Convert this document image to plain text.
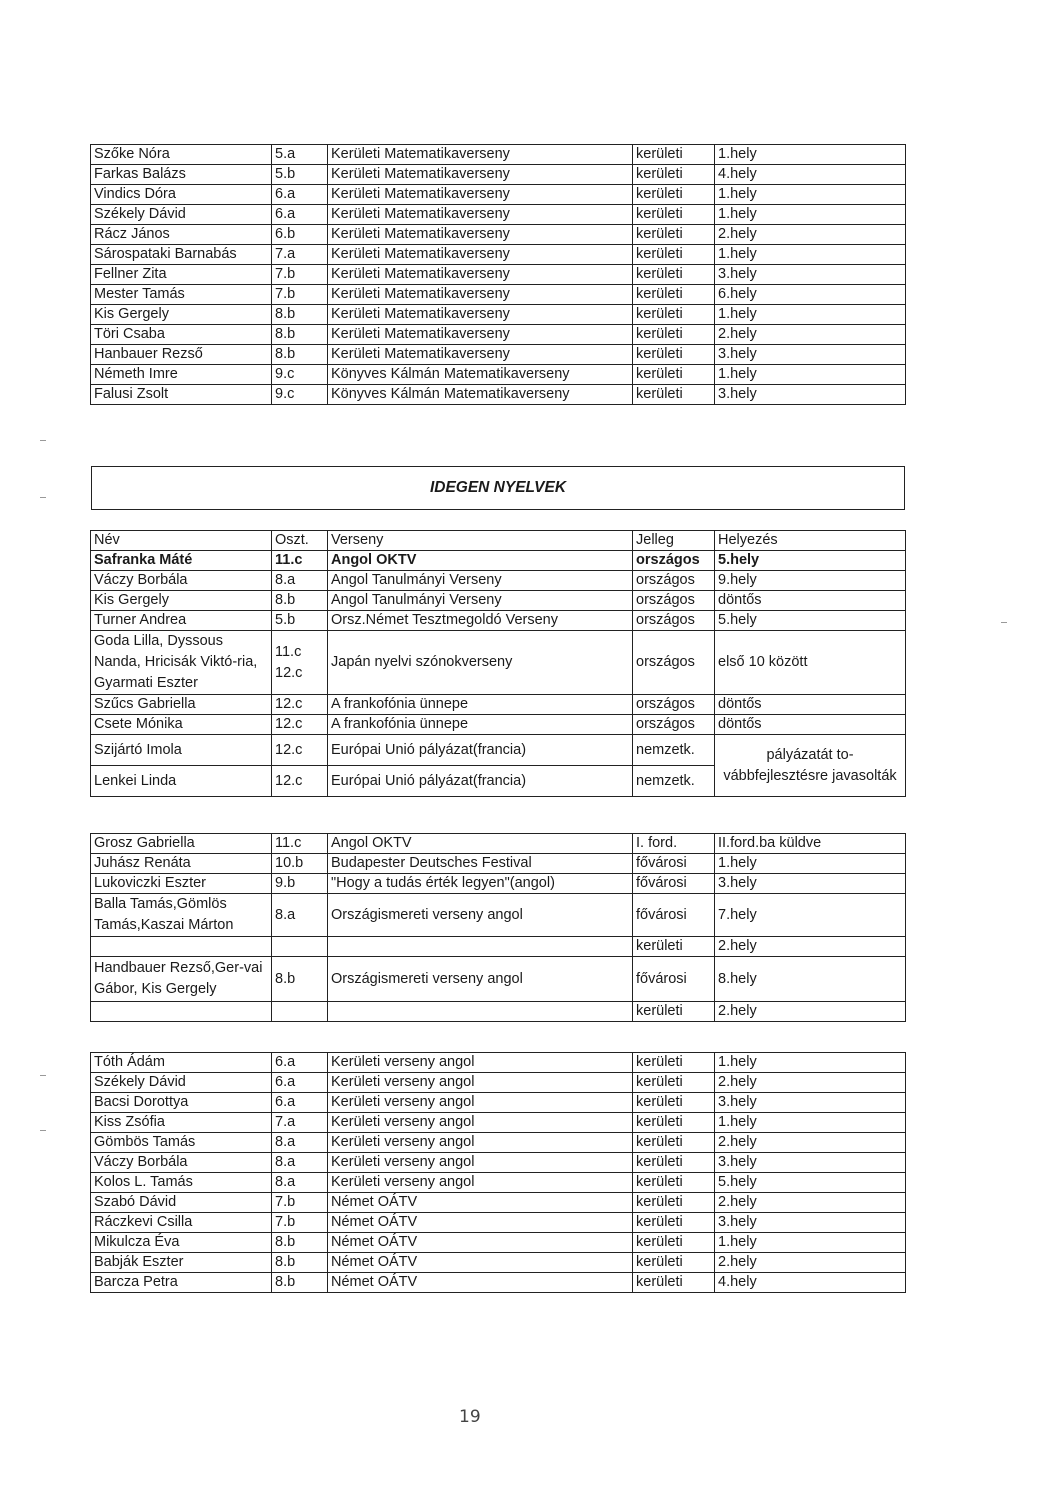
Szőke Nóra	5.a	Kerületi Matematikaverseny	kerületi	1.hely
Farkas Balázs	5.b	Kerületi Matematikaverseny	kerületi	4.hely
Vindics Dóra	6.a	Kerületi Matematikaverseny	kerületi	1.hely
Székely Dávid	6.a	Kerületi Matematikaverseny	kerületi	1.hely
Rácz János	6.b	Kerületi Matematikaverseny	kerületi	2.hely
Sárospataki Barnabás	7.a	Kerületi Matematikaverseny	kerületi	1.hely
Fellner Zita	7.b	Kerületi Matematikaverseny	kerületi	3.hely
Mester Tamás	7.b	Kerületi Matematikaverseny	kerületi	6.hely
Kis Gergely	8.b	Kerületi Matematikaverseny	kerületi	1.hely
Töri Csaba	8.b	Kerületi Matematikaverseny	kerületi	2.hely
Hanbauer Rezső	8.b	Kerületi Matematikaverseny	kerületi	3.hely
Németh Imre	9.c	Könyves Kálmán Matematikaverseny	kerületi	1.hely
Falusi Zsolt	9.c	Könyves Kálmán Matematikaverseny	kerületi	3.hely
IDEGEN NYELVEK
Név	Oszt.	Verseny	Jelleg	Helyezés
Safranka Máté	11.c	Angol OKTV	országos	5.hely
Váczy Borbála	8.a	Angol Tanulmányi Verseny	országos	9.hely
Kis Gergely	8.b	Angol Tanulmányi Verseny	országos	döntős
Turner Andrea	5.b	Orsz.Német Tesztmegoldó Verseny	országos	5.hely
Goda Lilla, Dyssous Nanda, Hricisák Viktó-ria, Gyarmati Eszter	11.c 12.c	Japán nyelvi szónokverseny	országos	első 10 között
Szűcs Gabriella	12.c	A frankofónia ünnepe	országos	döntős
Csete Mónika	12.c	A frankofónia ünnepe	országos	döntős
Szijártó Imola	12.c	Európai Unió pályázat(francia)	nemzetk.	pályázatát to-vábbfejlesztésre javasolták
Lenkei Linda	12.c	Európai Unió pályázat(francia)	nemzetk.	
Grosz Gabriella	11.c	Angol OKTV	I. ford.	II.ford.ba küldve
Juhász Renáta	10.b	Budapester Deutsches Festival	fővárosi	1.hely
Lukoviczki Eszter	9.b	"Hogy a tudás érték legyen"(angol)	fővárosi	3.hely
Balla Tamás,Gömlös Tamás,Kaszai Márton	8.a	Országismereti verseny angol	fővárosi	7.hely
			kerületi	2.hely
Handbauer Rezső,Ger-vai Gábor, Kis Gergely	8.b	Országismereti verseny angol	fővárosi	8.hely
			kerületi	2.hely
Tóth Ádám	6.a	Kerületi verseny angol	kerületi	1.hely
Székely Dávid	6.a	Kerületi verseny angol	kerületi	2.hely
Bacsi Dorottya	6.a	Kerületi verseny angol	kerületi	3.hely
Kiss Zsófia	7.a	Kerületi verseny angol	kerületi	1.hely
Gömbös Tamás	8.a	Kerületi verseny angol	kerületi	2.hely
Váczy Borbála	8.a	Kerületi verseny angol	kerületi	3.hely
Kolos L. Tamás	8.a	Kerületi verseny angol	kerületi	5.hely
Szabó Dávid	7.b	Német OÁTV	kerületi	2.hely
Ráczkevi Csilla	7.b	Német OÁTV	kerületi	3.hely
Mikulcza Éva	8.b	Német OÁTV	kerületi	1.hely
Babják Eszter	8.b	Német OÁTV	kerületi	2.hely
Barcza Petra	8.b	Német OÁTV	kerületi	4.hely
19
